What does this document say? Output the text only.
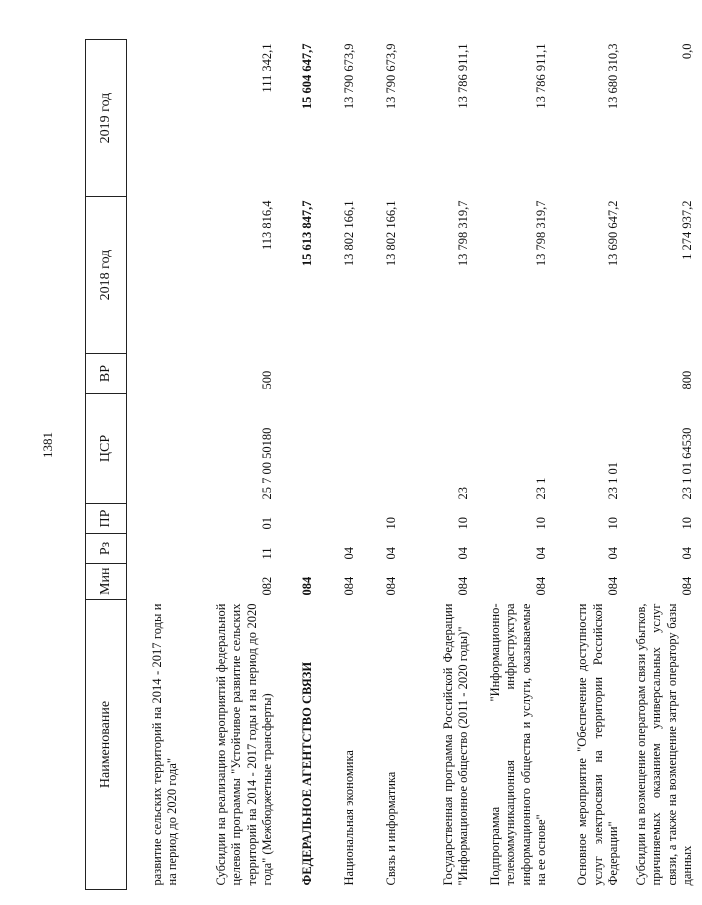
1381
Наименование	Мин	Рз	ПР	ЦСР	ВР	2018 год	2019 год
развитие сельских территорий на 2014 - 2017 годы и на период до 2020 года"							
Субсидии на реализацию мероприятий федеральной целевой программы "Устойчивое развитие сельских территорий на 2014 - 2017 годы и на период до 2020 года" (Межбюджетные трансферты)	082	11	01	25 7 00 50180	500	113 816,4	111 342,1
ФЕДЕРАЛЬНОЕ АГЕНТСТВО СВЯЗИ	084					15 613 847,7	15 604 647,7
Национальная экономика	084	04				13 802 166,1	13 790 673,9
Связь и информатика	084	04	10			13 802 166,1	13 790 673,9
Государственная программа Российской Федерации "Информационное общество (2011 - 2020 годы)"	084	04	10	23		13 798 319,7	13 786 911,1
Подпрограмма "Информационно-телекоммуникационная инфраструктура информационного общества и услуги, оказываемые на ее основе"	084	04	10	23 1		13 798 319,7	13 786 911,1
Основное мероприятие "Обеспечение доступности услуг электросвязи на территории Российской Федерации"	084	04	10	23 1 01		13 690 647,2	13 680 310,3
Субсидии на возмещение операторам связи убытков, причиняемых оказанием универсальных услуг связи, а также на возмещение затрат оператору базы данных	084	04	10	23 1 01 64530	800	1 274 937,2	0,0
